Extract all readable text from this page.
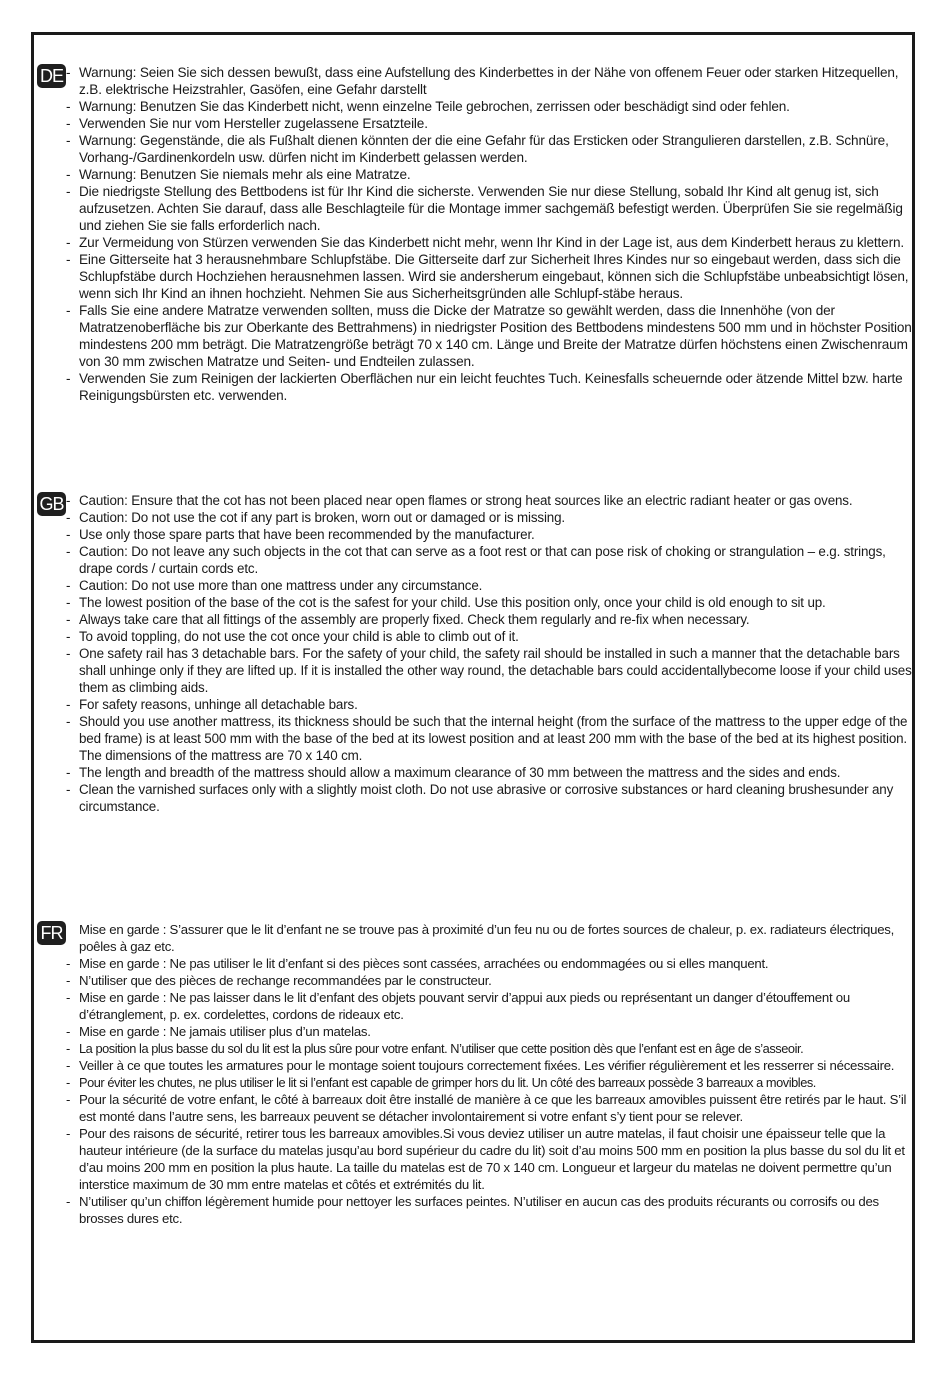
DE - Warnung: Seien Sie sich dessen bewußt, dass eine Aufstellung des Kinderbettes in der Nähe von offenem Feuer oder starken Hitzequellen, z.B. elektrische Heizstrahler, Gasöfen, eine Gefahr darstellt
- Warnung: Benutzen Sie das Kinderbett nicht, wenn einzelne Teile gebrochen, zerrissen oder beschädigt sind oder fehlen.
- Verwenden Sie nur vom Hersteller zugelassene Ersatzteile.
- Warnung: Gegenstände, die als Fußhalt dienen könnten der die eine Gefahr für das Ersticken oder Strangulieren darstellen, z.B. Schnüre, Vorhang-/Gardinenkordeln usw. dürfen nicht im Kinderbett gelassen werden.
- Warnung: Benutzen Sie niemals mehr als eine Matratze.
- Die niedrigste Stellung des Bettbodens ist für Ihr Kind die sicherste. Verwenden Sie nur diese Stellung, sobald Ihr Kind alt genug ist, sich aufzusetzen. Achten Sie darauf, dass alle Beschlagteile für die Montage immer sachgemäß befestigt werden. Überprüfen Sie sie regelmäßig und ziehen Sie sie falls erforderlich nach.
- Zur Vermeidung von Stürzen verwenden Sie das Kinderbett nicht mehr, wenn Ihr Kind in der Lage ist, aus dem Kinderbett heraus zu klettern.
- Eine Gitterseite hat 3 herausnehmbare Schlupfstäbe. Die Gitterseite darf zur Sicherheit Ihres Kindes nur so eingebaut werden, dass sich die Schlupfstäbe durch Hochziehen herausnehmen lassen. Wird sie andersherum eingebaut, können sich die Schlupfstäbe unbeabsichtigt lösen, wenn sich Ihr Kind an ihnen hochzieht. Nehmen Sie aus Sicherheitsgründen alle Schlupf-stäbe heraus.
- Falls Sie eine andere Matratze verwenden sollten, muss die Dicke der Matratze so gewählt werden, dass die Innenhöhe (von der Matratzenoberfläche bis zur Oberkante des Bettrahmens) in niedrigster Position des Bettbodens mindestens 500 mm und in höchster Position mindestens 200 mm beträgt. Die Matratzengröße beträgt 70 x 140 cm. Länge und Breite der Matratze dürfen höchstens einen Zwischenraum von 30 mm zwischen Matratze und Seiten- und Endteilen zulassen.
- Verwenden Sie zum Reinigen der lackierten Oberflächen nur ein leicht feuchtes Tuch. Keinesfalls scheuernde oder ätzende Mittel bzw. harte Reinigungsbürsten etc. verwenden.
GB - Caution: Ensure that the cot has not been placed near open flames or strong heat sources like an electric radiant heater or gas ovens.
- Caution: Do not use the cot if any part is broken, worn out or damaged or is missing.
- Use only those spare parts that have been recommended by the manufacturer.
- Caution: Do not leave any such objects in the cot that can serve as a foot rest or that can pose risk of choking or strangulation – e.g. strings, drape cords / curtain cords etc.
- Caution: Do not use more than one mattress under any circumstance.
- The lowest position of the base of the cot is the safest for your child. Use this position only, once your child is old enough to sit up.
- Always take care that all fittings of the assembly are properly fixed. Check them regularly and re-fix when necessary.
- To avoid toppling, do not use the cot once your child is able to climb out of it.
- One safety rail has 3 detachable bars. For the safety of your child, the safety rail should be installed in such a manner that the detachable bars shall unhinge only if they are lifted up. If it is installed the other way round, the detachable bars could accidentallybecome loose if your child uses them as climbing aids.
- For safety reasons, unhinge all detachable bars.
- Should you use another mattress, its thickness should be such that the internal height (from the surface of the mattress to the upper edge of the bed frame) is at least 500 mm with the base of the bed at its lowest position and at least 200 mm with the base of the bed at its highest position. The dimensions of the mattress are 70 x 140 cm.
- The length and breadth of the mattress should allow a maximum clearance of 30 mm between the mattress and the sides and ends.
- Clean the varnished surfaces only with a slightly moist cloth. Do not use abrasive or corrosive substances or hard cleaning brushesunder any circumstance.
FR Mise en garde : S’assurer que le lit d’enfant ne se trouve pas à proximité d’un feu nu ou de fortes sources de chaleur, p. ex. radiateurs électriques, poêles à gaz etc.
- Mise en garde : Ne pas utiliser le lit d’enfant si des pièces sont cassées, arrachées ou endommagées ou si elles manquent.
- N’utiliser que des pièces de rechange recommandées par le constructeur.
- Mise en garde : Ne pas laisser dans le lit d’enfant des objets pouvant servir d’appui aux pieds ou représentant un danger d’étouffement ou d’étranglement, p. ex. cordelettes, cordons de rideaux etc.
- Mise en garde : Ne jamais utiliser plus d’un matelas.
- La position la plus basse du sol du lit est la plus sûre pour votre enfant. N’utiliser que cette position dès que l’enfant est en âge de s’asseoir.
- Veiller à ce que toutes les armatures pour le montage soient toujours correctement fixées. Les vérifier régulièrement et les resserrer si nécessaire.
- Pour éviter les chutes, ne plus utiliser le lit si l’enfant est capable de grimper hors du lit. Un côté des barreaux possède 3 barreaux a movibles.
- Pour la sécurité de votre enfant, le côté à barreaux doit être installé de manière à ce que les barreaux amovibles puissent être retirés par le haut. S’il est monté dans l’autre sens, les barreaux peuvent se détacher involontairement si votre enfant s’y tient pour se relever.
- Pour des raisons de sécurité, retirer tous les barreaux amovibles.Si vous deviez utiliser un autre matelas, il faut choisir une épaisseur telle que la hauteur intérieure (de la surface du matelas jusqu’au bord supérieur du cadre du lit) soit d’au moins 500 mm en position la plus basse du sol du lit et d’au moins 200 mm en position la plus haute. La taille du matelas est de 70 x 140 cm. Longueur et largeur du matelas ne doivent permettre qu’un interstice maximum de 30 mm entre matelas et côtés et extrémités du lit.
- N’utiliser qu’un chiffon légèrement humide pour nettoyer les surfaces peintes. N’utiliser en aucun cas des produits récurants ou corrosifs ou des brosses dures etc.
